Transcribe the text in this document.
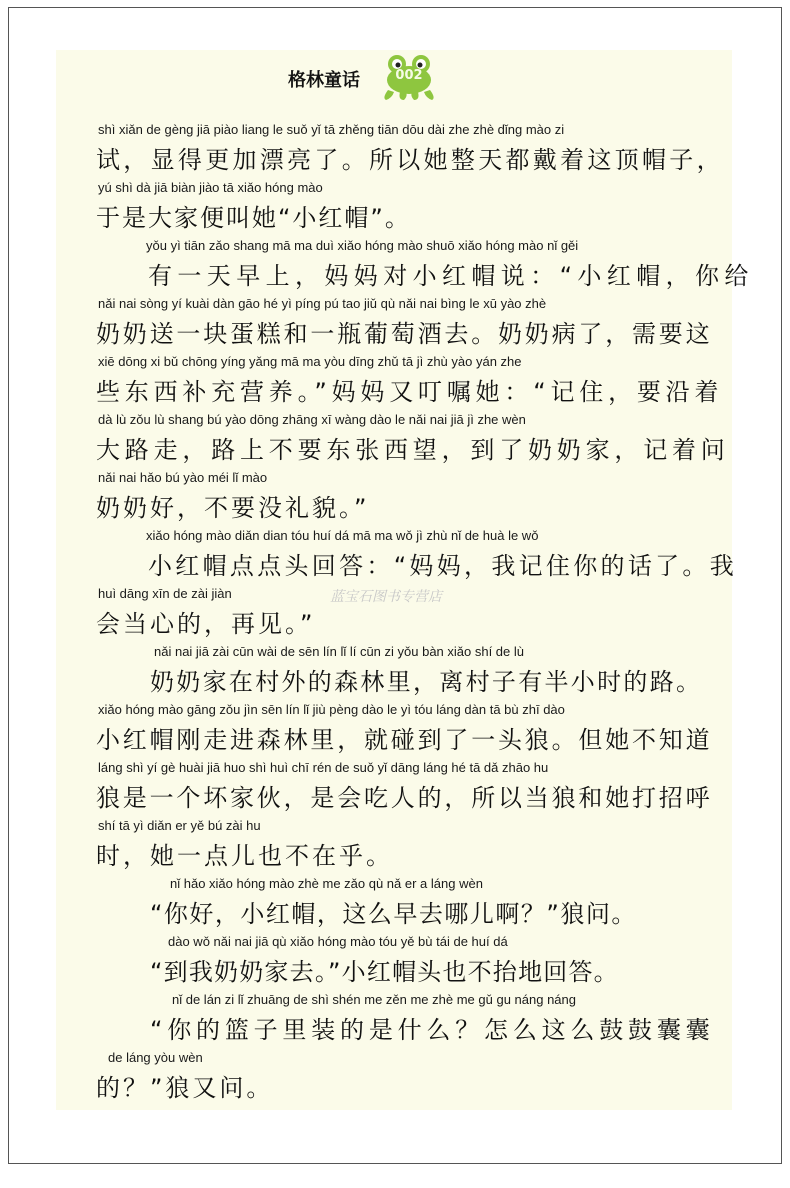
格林童话	002
蓝宝石图书专营店
shì xiǎn de gèng jiā piào liang le suǒ yǐ tā zhěng tiān dōu dài zhe zhè dǐng mào zi
试，显得更加漂亮了。所以她整天都戴着这顶帽子，
yú shì dà jiā biàn jiào tā xiǎo hóng mào
于是大家便叫她“小红帽”。
yǒu yì tiān zǎo shang mā ma duì xiǎo hóng mào shuō xiǎo hóng mào nǐ gěi
有一天早上，妈妈对小红帽说：“小红帽，你给
nǎi nai sòng yí kuài dàn gāo hé yì píng pú tao jiǔ qù nǎi nai bìng le xū yào zhè
奶奶送一块蛋糕和一瓶葡萄酒去。奶奶病了，需要这
xiē dōng xi bǔ chōng yíng yǎng mā ma yòu dīng zhǔ tā jì zhù yào yán zhe
些东西补充营养。”妈妈又叮嘱她：“记住，要沿着
dà lù zǒu lù shang bú yào dōng zhāng xī wàng dào le nǎi nai jiā jì zhe wèn
大路走，路上不要东张西望，到了奶奶家，记着问
nǎi nai hǎo bú yào méi lǐ mào
奶奶好，不要没礼貌。”
xiǎo hóng mào diǎn dian tóu huí dá mā ma wǒ jì zhù nǐ de huà le wǒ
小红帽点点头回答：“妈妈，我记住你的话了。我
huì dāng xīn de zài jiàn
会当心的，再见。”
nǎi nai jiā zài cūn wài de sēn lín lǐ lí cūn zi yǒu bàn xiǎo shí de lù
奶奶家在村外的森林里，离村子有半小时的路。
xiǎo hóng mào gāng zǒu jìn sēn lín lǐ jiù pèng dào le yì tóu láng dàn tā bù zhī dào
小红帽刚走进森林里，就碰到了一头狼。但她不知道
láng shì yí gè huài jiā huo shì huì chī rén de suǒ yǐ dāng láng hé tā dǎ zhāo hu
狼是一个坏家伙，是会吃人的，所以当狼和她打招呼
shí tā yì diǎn er yě bú zài hu
时，她一点儿也不在乎。
nǐ hǎo xiǎo hóng mào zhè me zǎo qù nǎ er a láng wèn
“你好，小红帽，这么早去哪儿啊？”狼问。
dào wǒ nǎi nai jiā qù xiǎo hóng mào tóu yě bù tái de huí dá
“到我奶奶家去。”小红帽头也不抬地回答。
nǐ de lán zi lǐ zhuāng de shì shén me zěn me zhè me gǔ gu náng náng
“你的篮子里装的是什么？怎么这么鼓鼓囊囊
de láng yòu wèn
的？”狼又问。
